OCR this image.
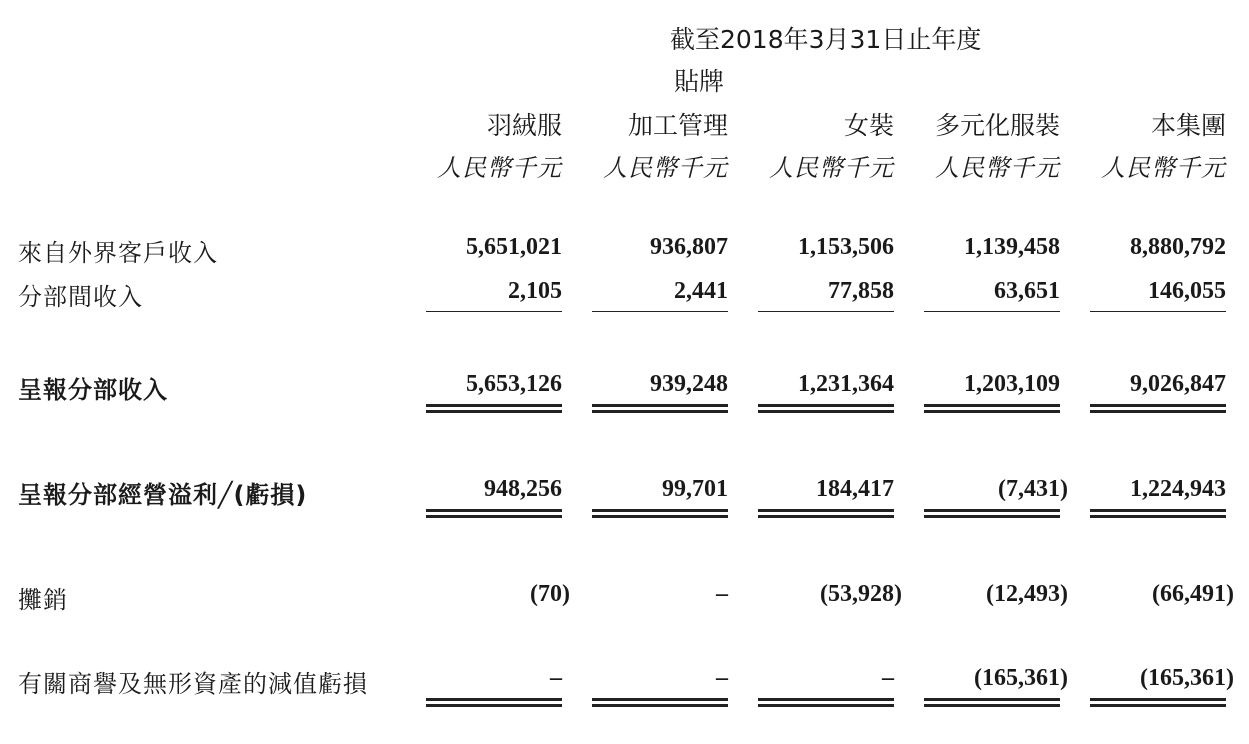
截至2018年3月31日止年度
貼牌
羽絨服	加工管理	女裝	多元化服裝	本集團
人民幣千元	人民幣千元	人民幣千元	人民幣千元	人民幣千元
來自外界客戶收入	5,651,021	936,807	1,153,506	1,139,458	8,880,792
分部間收入	2,105	2,441	77,858	63,651	146,055
呈報分部收入	5,653,126	939,248	1,231,364	1,203,109	9,026,847
呈報分部經營溢利╱(虧損)	948,256	99,701	184,417	(7,431)	1,224,943
攤銷	(70)	–	(53,928)	(12,493)	(66,491)
有關商譽及無形資產的減值虧損	–	–	–	(165,361)	(165,361)
